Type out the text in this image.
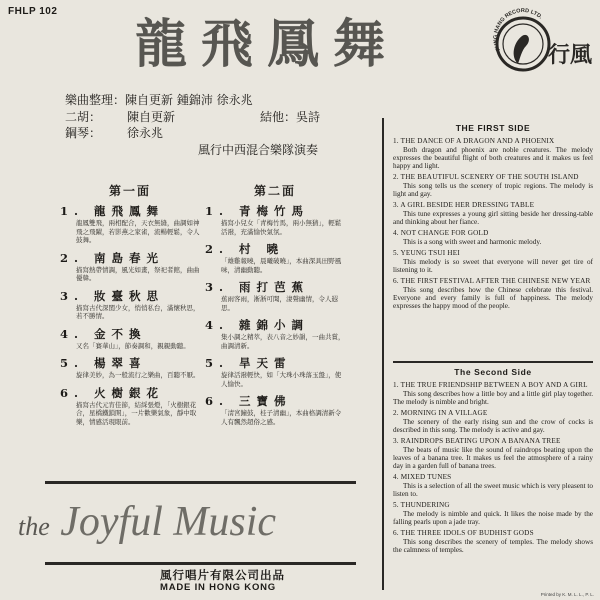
FHLP 102
龍飛鳳舞	FUNG HANG RECORD LTD.
行風
樂曲整理： 陳自更新 鍾錦沛 徐永兆
二胡：	陳自更新	結他： 吳詩
鋼琴：	徐永兆
風行中西混合樂隊演奏
第一面
1. 龍飛鳳舞
龍鳳雙飛，兩相配合，天衣無縫，曲調如神飛之飛躍，若影燕之家雀，流暢輕鬆，令人鼓舞。
2. 南島春光
描寫熱帶情調，風光如畫，祭祀者館，曲曲優韓。
3. 妝臺秋思
描寫古代深閨少女，悄悄私台，滿懷秋思，若不勝情。
4. 金不換
又名「賽華山」，節奏調和，親親動聽。
5. 楊翠喜
旋律美妙，為一般流行之樂曲，百聽不厭。
6. 火樹銀花
描寫古代元宵佳節，結綵張燈，「火樹銀花合，星橋鐵鎖開」，一片歡樂氣象，靜中取樂，情感活現眼前。
第二面
1. 青梅竹馬
描寫小兒女「青梅竹馬，兩小無猜」，輕鬆活潑，充滿愉快氣氛。
2. 村 曉
「雄雞報曉，晨曦破曉」，本曲深具田野風味，清幽動聽。
3. 雨打芭蕉
蕉雨客雨，淅淅可聞，淒聲幽情，令人遐思。
4. 雜錦小調
集小調之精萃，表八音之妙韻，一曲共賞，曲調清新。
5. 旱天雷
旋律活潑輕快，如「大珠小珠落玉盤」，使人愉快。
6. 三寶佛
「淸宮鐘鼓，桂子清幽」，本曲格調清新令人有飄然超俗之感。
the Joyful Music
風行唱片有限公司出品
MADE IN HONG KONG
THE FIRST SIDE
1. THE DANCE OF A DRAGON AND A PHOENIX
Both dragon and phoenix are noble creatures. The melody expresses the beautiful flight of both creatures and it makes us feel happy and light.
2. THE BEAUTIFUL SCENERY OF THE SOUTH ISLAND
This song tells us the scenery of tropic regions. The melody is light and gay.
3. A GIRL BESIDE HER DRESSING TABLE
This tune expresses a young girl sitting beside her dressing-table and thinking about her fiance.
4. NOT CHANGE FOR GOLD
This is a song with sweet and harmonic melody.
5. YEUNG TSUI HEI
This melody is so sweet that everyone will never get tire of listening to it.
6. THE FIRST FESTIVAL AFTER THE CHINESE NEW YEAR
This song describes how the Chinese celebrate this festival. Everyone and every family is full of happiness. The melody expresses the happy mood of the people.
The Second Side
1. THE TRUE FRIENDSHIP BETWEEN A BOY AND A GIRL
This song describes how a little boy and a little girl play together. The melody is nimble and bright.
2. MORNING IN A VILLAGE
The scenery of the early rising sun and the crow of cocks is described in this song. The melody is active and gay.
3. RAINDROPS BEATING UPON A BANANA TREE
The beats of music like the sound of raindrops beating upon the leaves of a banana tree. It makes us feel the atmosphere of a rainy day in a garden full of banana trees.
4. MIXED TUNES
This is a selection of all the sweet music which is very pleasent to listen to.
5. THUNDERING
The melody is nimble and quick. It likes the noise made by the falling pearls upon a jade tray.
6. THE THREE IDOLS OF BUDHIST GODS
This song describes the scenery of temples. The melody shows the calmness of temples.
Printed by K. M. L. L., P. L.
